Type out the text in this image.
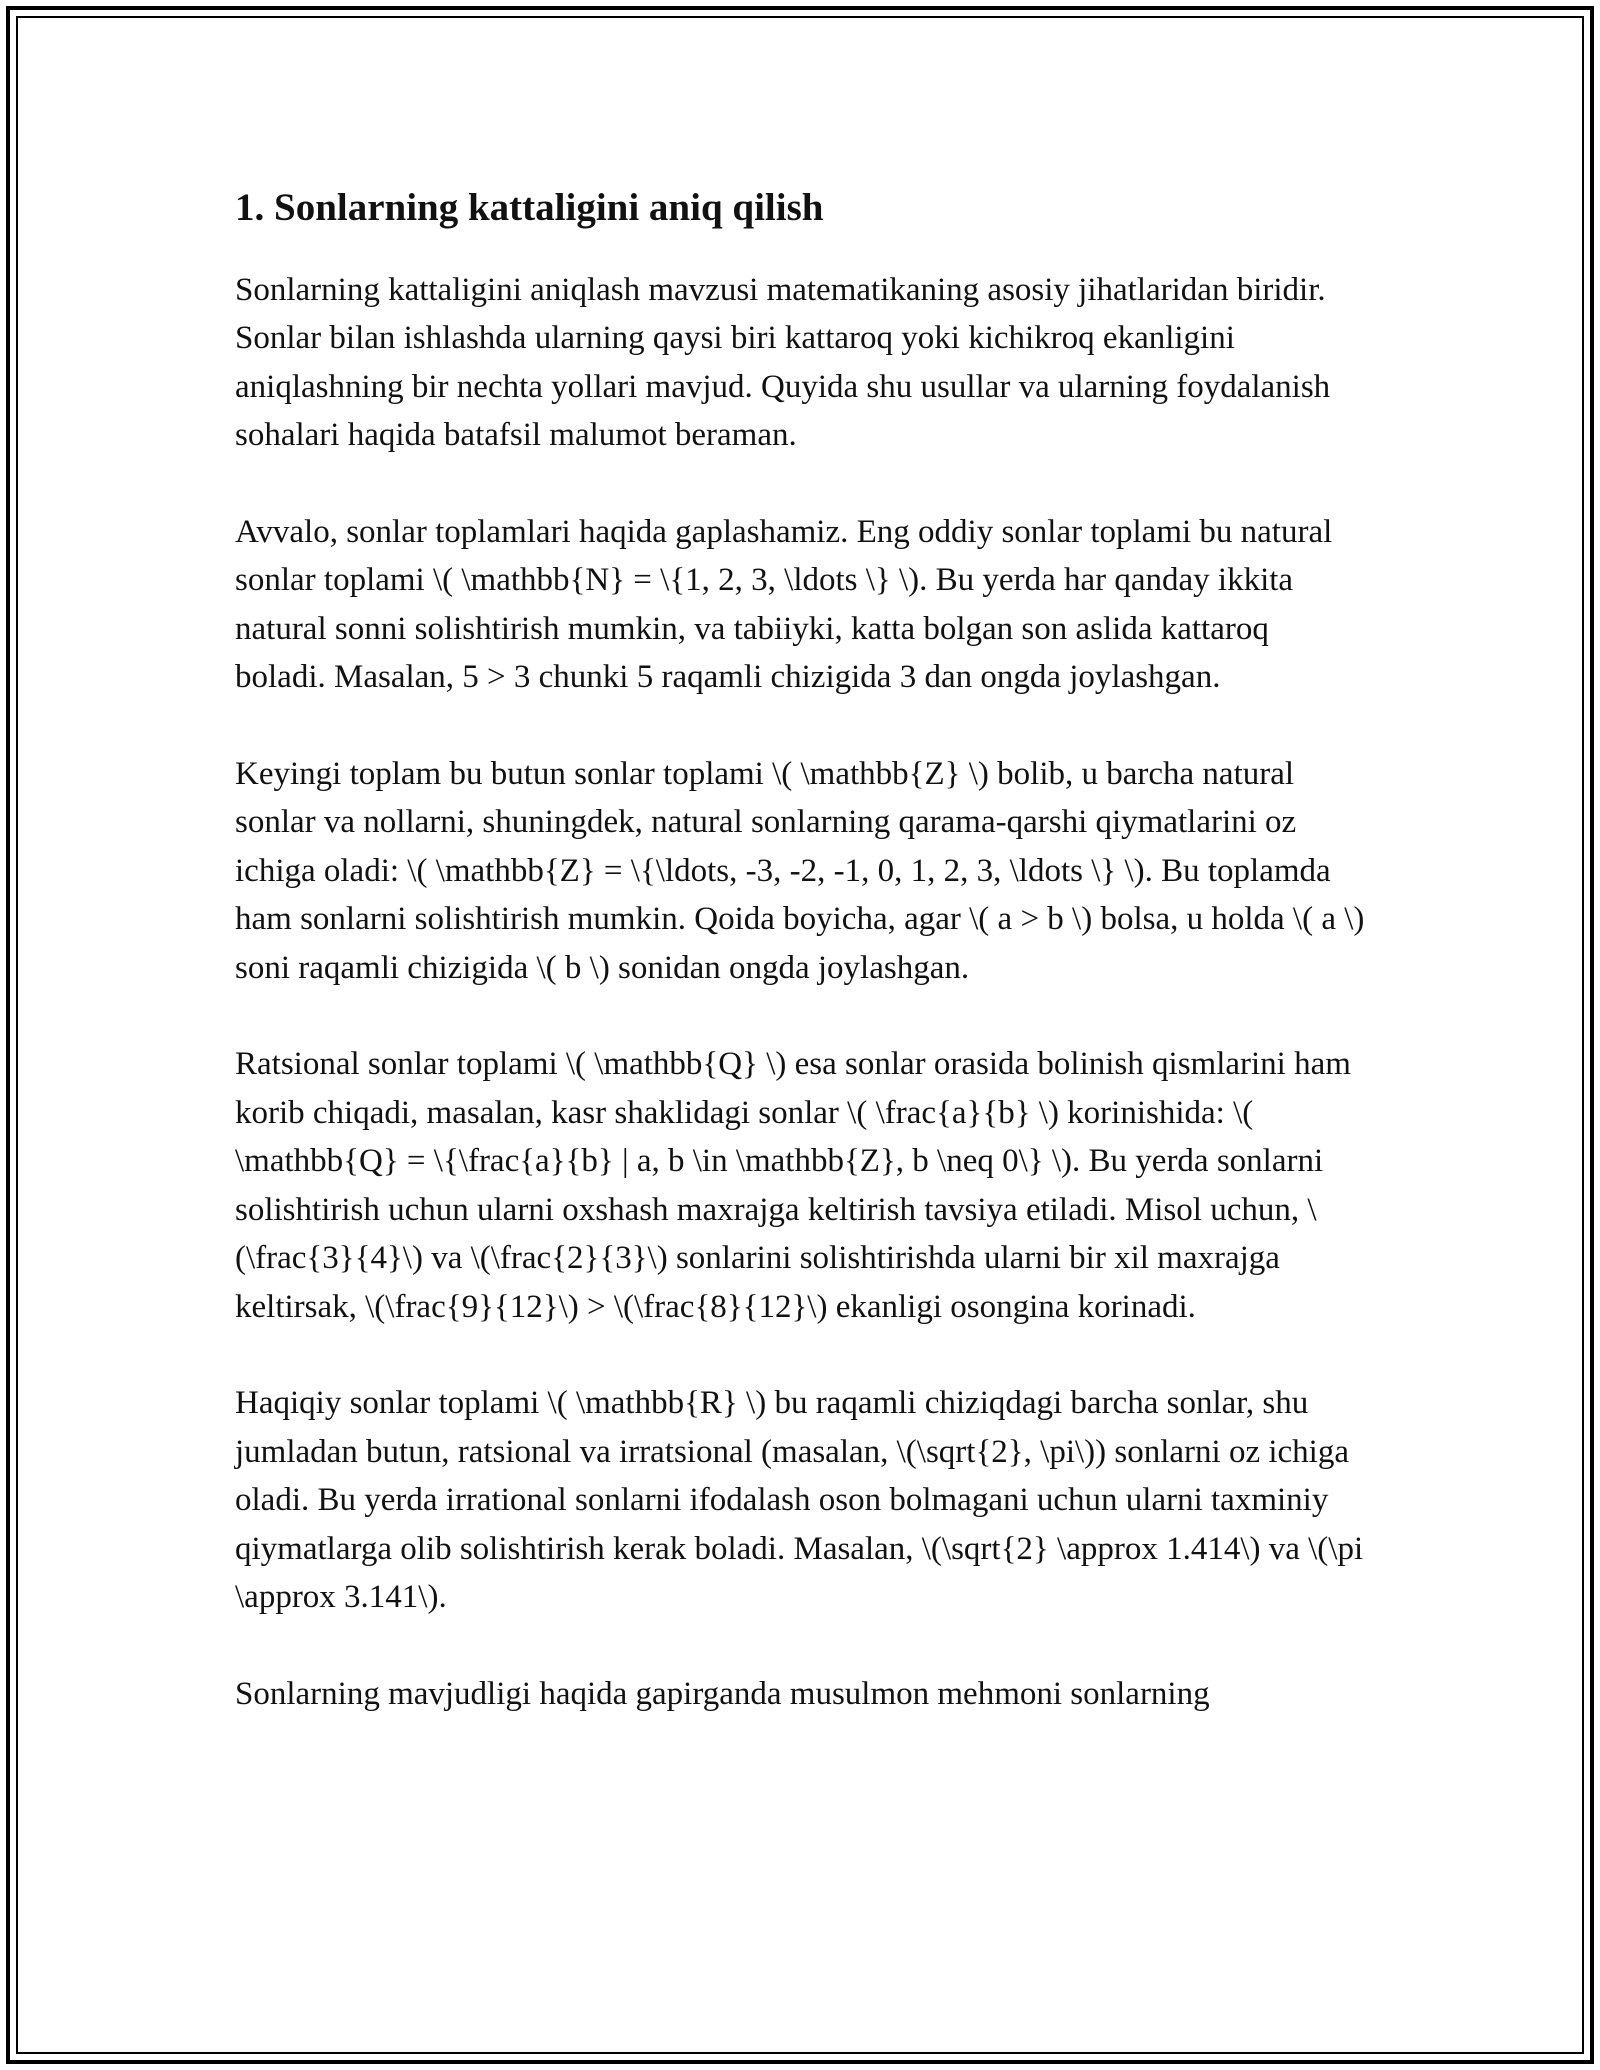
1. Sonlarning kattaligini aniq qilish

Sonlarning kattaligini aniqlash mavzusi matematikaning asosiy jihatlaridan biridir. Sonlar bilan ishlashda ularning qaysi biri kattaroq yoki kichikroq ekanligini aniqlashning bir nechta yollari mavjud. Quyida shu usullar va ularning foydalanish sohalari haqida batafsil malumot beraman.

Avvalo, sonlar toplamlari haqida gaplashamiz. Eng oddiy sonlar toplami bu natural sonlar toplami \( \mathbb{N} = \{1, 2, 3, \ldots \} \). Bu yerda har qanday ikkita natural sonni solishtirish mumkin, va tabiiyki, katta bolgan son aslida kattaroq boladi. Masalan, 5 > 3 chunki 5 raqamli chizigida 3 dan ongda joylashgan.

Keyingi toplam bu butun sonlar toplami \( \mathbb{Z} \) bolib, u barcha natural sonlar va nollarni, shuningdek, natural sonlarning qarama-qarshi qiymatlarini oz ichiga oladi: \( \mathbb{Z} = \{\ldots, -3, -2, -1, 0, 1, 2, 3, \ldots \} \). Bu toplamda ham sonlarni solishtirish mumkin. Qoida boyicha, agar \( a > b \) bolsa, u holda \( a \) soni raqamli chizigida \( b \) sonidan ongda joylashgan.

Ratsional sonlar toplami \( \mathbb{Q} \) esa sonlar orasida bolinish qismlarini ham korib chiqadi, masalan, kasr shaklidagi sonlar \( \frac{a}{b} \) korinishida: \( \mathbb{Q} = \{\frac{a}{b} | a, b \in \mathbb{Z}, b \neq 0\} \). Bu yerda sonlarni solishtirish uchun ularni oxshash maxrajga keltirish tavsiya etiladi. Misol uchun, \(\frac{3}{4}\) va \(\frac{2}{3}\) sonlarini solishtirishda ularni bir xil maxrajga keltirsak, \(\frac{9}{12}\) > \(\frac{8}{12}\) ekanligi osongina korinadi.

Haqiqiy sonlar toplami \( \mathbb{R} \) bu raqamli chiziqdagi barcha sonlar, shu jumladan butun, ratsional va irratsional (masalan, \(\sqrt{2}, \pi\)) sonlarni oz ichiga oladi. Bu yerda irrational sonlarni ifodalash oson bolmagani uchun ularni taxminiy qiymatlarga olib solishtirish kerak boladi. Masalan, \(\sqrt{2} \approx 1.414\) va \(\pi \approx 3.141\).

Sonlarning mavjudligi haqida gapirganda musulmon mehmoni sonlarning
